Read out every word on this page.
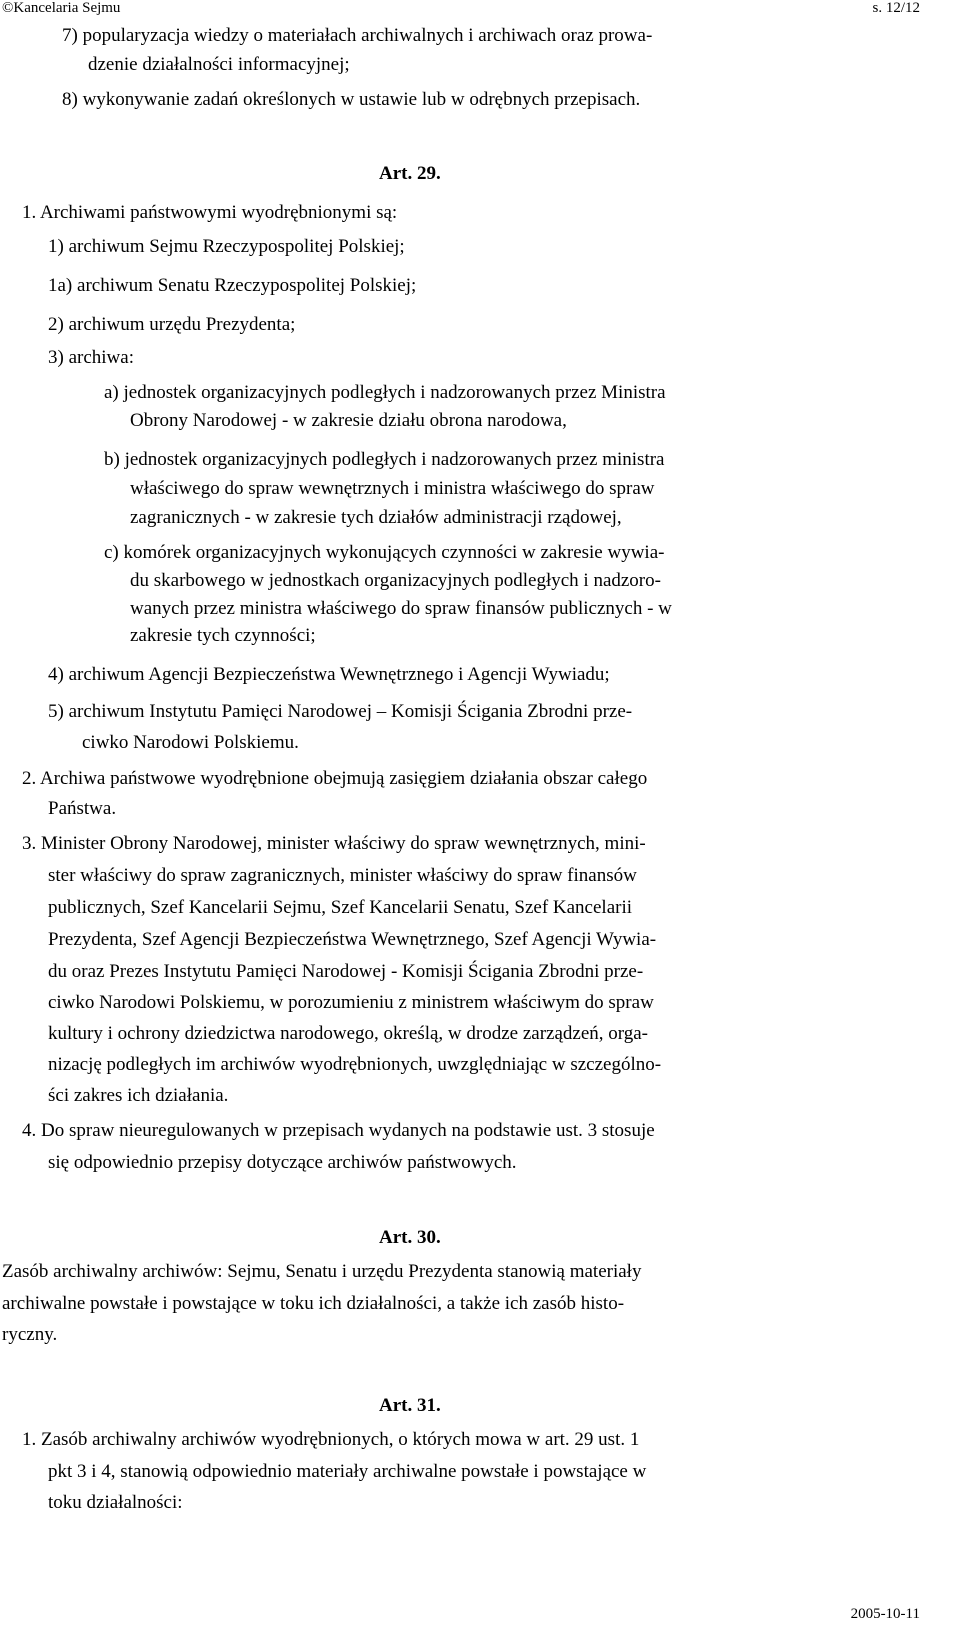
©Kancelaria Sejmu	s. 12/12
7) popularyzacja wiedzy o materiałach archiwalnych i archiwach oraz prowa-
dzenie działalności informacyjnej;
8) wykonywanie zadań określonych w ustawie lub w odrębnych przepisach.
Art. 29.
1. Archiwami państwowymi wyodrębnionymi są:
1) archiwum Sejmu Rzeczypospolitej Polskiej;
1a) archiwum Senatu Rzeczypospolitej Polskiej;
2) archiwum urzędu Prezydenta;
3) archiwa:
a) jednostek organizacyjnych podległych i nadzorowanych przez Ministra
Obrony Narodowej - w zakresie działu obrona narodowa,
b) jednostek organizacyjnych podległych i nadzorowanych przez ministra
właściwego do spraw wewnętrznych i ministra właściwego do spraw
zagranicznych - w zakresie tych działów administracji rządowej,
c) komórek organizacyjnych wykonujących czynności w zakresie wywia-
du skarbowego w jednostkach organizacyjnych podległych i nadzoro-
wanych przez ministra właściwego do spraw finansów publicznych - w
zakresie tych czynności;
4) archiwum Agencji Bezpieczeństwa Wewnętrznego i Agencji Wywiadu;
5) archiwum Instytutu Pamięci Narodowej – Komisji Ścigania Zbrodni prze-
ciwko Narodowi Polskiemu.
2. Archiwa państwowe wyodrębnione obejmują zasięgiem działania obszar całego
Państwa.
3. Minister Obrony Narodowej, minister właściwy do spraw wewnętrznych, mini-
ster właściwy do spraw zagranicznych, minister właściwy do spraw finansów
publicznych, Szef Kancelarii Sejmu, Szef Kancelarii Senatu, Szef Kancelarii
Prezydenta, Szef Agencji Bezpieczeństwa Wewnętrznego, Szef Agencji Wywia-
du oraz Prezes Instytutu Pamięci Narodowej - Komisji Ścigania Zbrodni prze-
ciwko Narodowi Polskiemu, w porozumieniu z ministrem właściwym do spraw
kultury i ochrony dziedzictwa narodowego, określą, w drodze zarządzeń, orga-
nizację podległych im archiwów wyodrębnionych, uwzględniając w szczególno-
ści zakres ich działania.
4. Do spraw nieuregulowanych w przepisach wydanych na podstawie ust. 3 stosuje
się odpowiednio przepisy dotyczące archiwów państwowych.
Art. 30.
Zasób archiwalny archiwów: Sejmu, Senatu i urzędu Prezydenta stanowią materiały
archiwalne powstałe i powstające w toku ich działalności, a także ich zasób histo-
ryczny.
Art. 31.
1. Zasób archiwalny archiwów wyodrębnionych, o których mowa w art. 29 ust. 1
pkt 3 i 4, stanowią odpowiednio materiały archiwalne powstałe i powstające w
toku działalności:
2005-10-11
